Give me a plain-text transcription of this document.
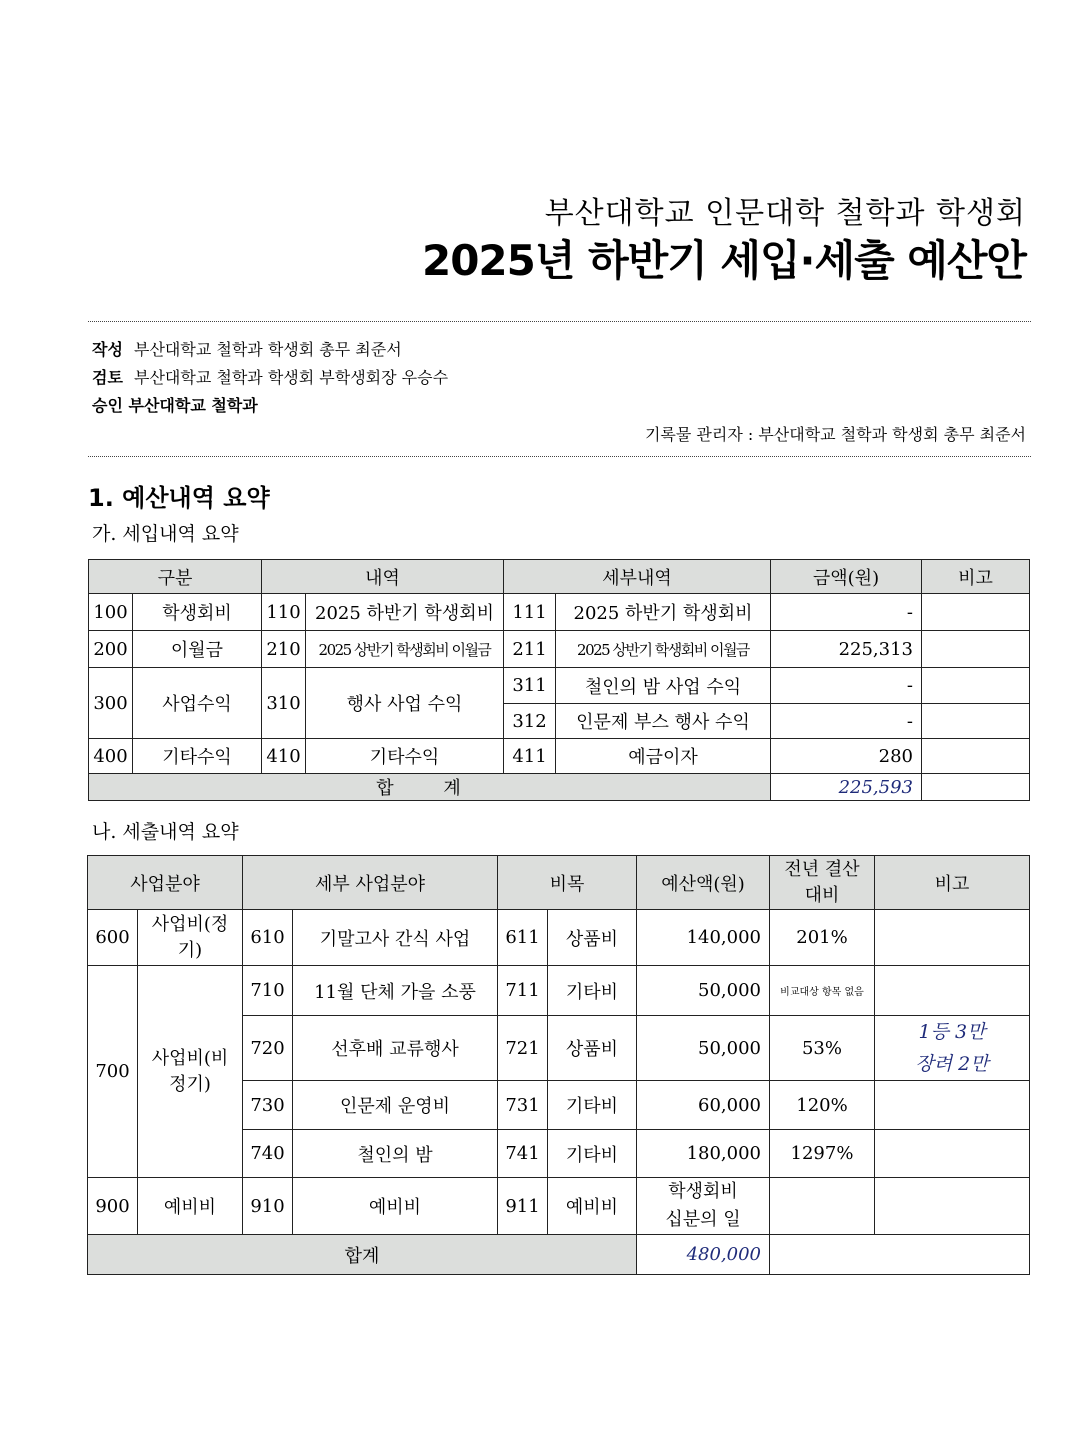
부산대학교 인문대학 철학과 학생회
2025년 하반기 세입·세출 예산안
작성 부산대학교 철학과 학생회 총무 최준서
검토 부산대학교 철학과 학생회 부학생회장 우승수
승인 부산대학교 철학과
기록물 관리자 : 부산대학교 철학과 학생회 총무 최준서
1. 예산내역 요약
가. 세입내역 요약
구분		내역		세부내역		금액(원)	비고
100	학생회비	110	2025 하반기 학생회비	111	2025 하반기 학생회비	-	
200	이월금	210	2025 상반기 학생회비 이월금	211	2025 상반기 학생회비 이월금	225,313	
300	사업수익	310	행사 사업 수익	311	철인의 밤 사업 수익	-	
				312	인문제 부스 행사 수익	-	
400	기타수익	410	기타수익	411	예금이자	280	
합 계						225,593	
나. 세출내역 요약
사업분야		세부 사업분야		비목		예산액(원)	전년 결산대비	비고
600	사업비(정기)	610	기말고사 간식 사업	611	상품비	140,000	201%	
700	사업비(비정기)	710	11월 단체 가을 소풍	711	기타비	50,000	비교대상 항목 없음	
		720	선후배 교류행사	721	상품비	50,000	53%	1등 3만
장려 2만

		730	인문제 운영비	731	기타비	60,000	120%	
		740	철인의 밤	741	기타비	180,000	1297%	
900	예비비	910	예비비	911	예비비	학생회비
십분의 일		

합계						480,000		
